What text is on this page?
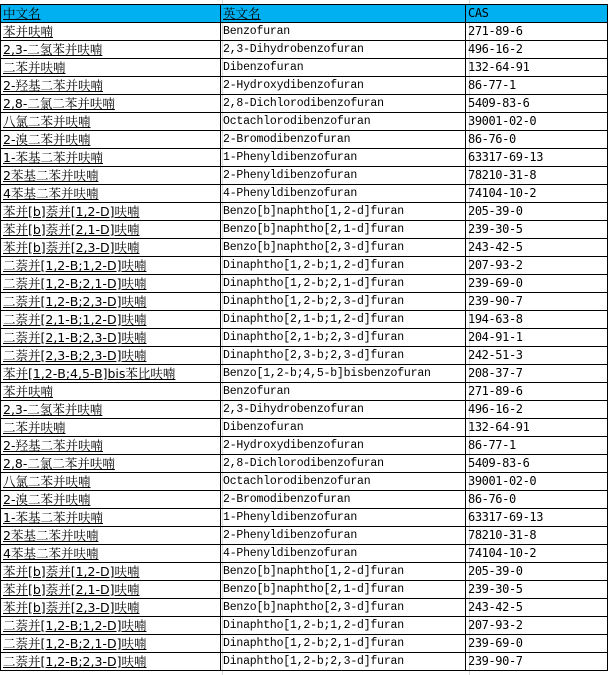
中文名	英文名	CAS
苯并呋喃	Benzofuran	271-89-6
2,3-二氢苯并呋喃	2,3-Dihydrobenzofuran	496-16-2
二苯并呋喃	Dibenzofuran	132-64-91
2-羟基二苯并呋喃	2-Hydroxydibenzofuran	86-77-1
2,8-二氯二苯并呋喃	2,8-Dichlorodibenzofuran	5409-83-6
八氯二苯并呋喃	Octachlorodibenzofuran	39001-02-0
2-溴二苯并呋喃	2-Bromodibenzofuran	86-76-0
1-苯基二苯并呋喃	1-Phenyldibenzofuran	63317-69-13
2苯基二苯并呋喃	2-Phenyldibenzofuran	78210-31-8
4苯基二苯并呋喃	4-Phenyldibenzofuran	74104-10-2
苯并[b]萘并[1,2-D]呋喃	Benzo[b]naphtho[1,2-d]furan	205-39-0
苯并[b]萘并[2,1-D]呋喃	Benzo[b]naphtho[2,1-d]furan	239-30-5
苯并[b]萘并[2,3-D]呋喃	Benzo[b]naphtho[2,3-d]furan	243-42-5
二萘并[1,2-B;1,2-D]呋喃	Dinaphtho[1,2-b;1,2-d]furan	207-93-2
二萘并[1,2-B;2,1-D]呋喃	Dinaphtho[1,2-b;2,1-d]furan	239-69-0
二萘并[1,2-B;2,3-D]呋喃	Dinaphtho[1,2-b;2,3-d]furan	239-90-7
二萘并[2,1-B;1,2-D]呋喃	Dinaphtho[2,1-b;1,2-d]furan	194-63-8
二萘并[2,1-B;2,3-D]呋喃	Dinaphtho[2,1-b;2,3-d]furan	204-91-1
二萘并[2,3-B;2,3-D]呋喃	Dinaphtho[2,3-b;2,3-d]furan	242-51-3
苯并[1,2-B;4,5-B]bis苯比呋喃	Benzo[1,2-b;4,5-b]bisbenzofuran	208-37-7
苯并呋喃	Benzofuran	271-89-6
2,3-二氢苯并呋喃	2,3-Dihydrobenzofuran	496-16-2
二苯并呋喃	Dibenzofuran	132-64-91
2-羟基二苯并呋喃	2-Hydroxydibenzofuran	86-77-1
2,8-二氯二苯并呋喃	2,8-Dichlorodibenzofuran	5409-83-6
八氯二苯并呋喃	Octachlorodibenzofuran	39001-02-0
2-溴二苯并呋喃	2-Bromodibenzofuran	86-76-0
1-苯基二苯并呋喃	1-Phenyldibenzofuran	63317-69-13
2苯基二苯并呋喃	2-Phenyldibenzofuran	78210-31-8
4苯基二苯并呋喃	4-Phenyldibenzofuran	74104-10-2
苯并[b]萘并[1,2-D]呋喃	Benzo[b]naphtho[1,2-d]furan	205-39-0
苯并[b]萘并[2,1-D]呋喃	Benzo[b]naphtho[2,1-d]furan	239-30-5
苯并[b]萘并[2,3-D]呋喃	Benzo[b]naphtho[2,3-d]furan	243-42-5
二萘并[1,2-B;1,2-D]呋喃	Dinaphtho[1,2-b;1,2-d]furan	207-93-2
二萘并[1,2-B;2,1-D]呋喃	Dinaphtho[1,2-b;2,1-d]furan	239-69-0
二萘并[1,2-B;2,3-D]呋喃	Dinaphtho[1,2-b;2,3-d]furan	239-90-7
